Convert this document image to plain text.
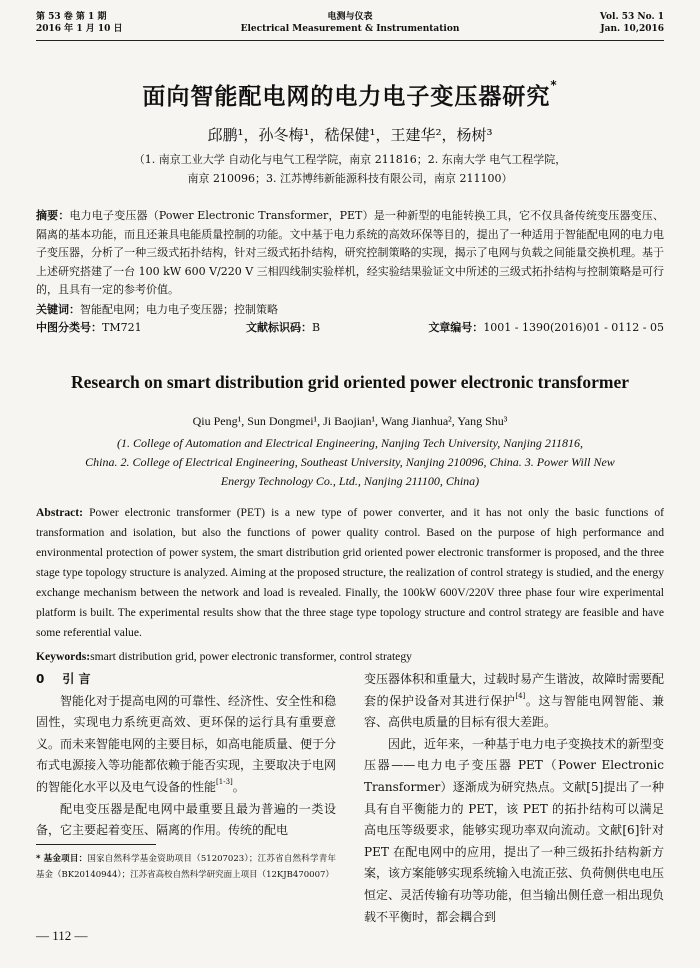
第 53 卷 第 1 期
2016 年 1 月 10 日
电测与仪表
Electrical Measurement & Instrumentation
Vol. 53 No. 1
Jan. 10,2016
面向智能配电网的电力电子变压器研究*
邱鹏¹，孙冬梅¹，嵇保健¹，王建华²，杨树³
（1. 南京工业大学 自动化与电气工程学院，南京 211816；2. 东南大学 电气工程学院，
南京 210096；3. 江苏博纬新能源科技有限公司，南京 211100）
摘要：电力电子变压器（Power Electronic Transformer，PET）是一种新型的电能转换工具，它不仅具备传统变压器变压、隔离的基本功能，而且还兼具电能质量控制的功能。文中基于电力系统的高效环保等目的，提出了一种适用于智能配电网的电力电子变压器，分析了一种三级式拓扑结构，针对三级式拓扑结构，研究控制策略的实现，揭示了电网与负载之间能量交换机理。基于上述研究搭建了一台 100 kW 600 V/220 V 三相四线制实验样机，经实验结果验证文中所述的三级式拓扑结构与控制策略是可行的，且具有一定的参考价值。
关键词：智能配电网；电力电子变压器；控制策略
中图分类号：TM721	文献标识码：B	文章编号：1001 - 1390(2016)01 - 0112 - 05
Research on smart distribution grid oriented power electronic transformer
Qiu Peng¹, Sun Dongmei¹, Ji Baojian¹, Wang Jianhua², Yang Shu³
(1. College of Automation and Electrical Engineering, Nanjing Tech University, Nanjing 211816,
China. 2. College of Electrical Engineering, Southeast University, Nanjing 210096, China. 3. Power Will New
Energy Technology Co., Ltd., Nanjing 211100, China)
Abstract: Power electronic transformer (PET) is a new type of power converter, and it has not only the basic functions of transformation and isolation, but also the functions of power quality control. Based on the purpose of high performance and environmental protection of power system, the smart distribution grid oriented power electronic transformer is proposed, and the three stage type topology structure is analyzed. Aiming at the proposed structure, the realization of control strategy is studied, and the energy exchange mechanism between the network and load is revealed. Finally, the 100kW 600V/220V three phase four wire experimental platform is built. The experimental results show that the three stage type topology structure and control strategy are feasible and have some referential value.
Keywords:smart distribution grid, power electronic transformer, control strategy
0 引 言

智能化对于提高电网的可靠性、经济性、安全性和稳固性，实现电力系统更高效、更环保的运行具有重要意义。而未来智能电网的主要目标，如高电能质量、便于分布式电源接入等功能都依赖于能否实现，主要取决于电网的智能化水平以及电气设备的性能[1-3]。

配电变压器是配电网中最重要且最为普遍的一类设备，它主要起着变压、隔离的作用。传统的配电

变压器体积和重量大，过载时易产生谐波，故障时需要配套的保护设备对其进行保护[4]。这与智能电网智能、兼容、高供电质量的目标有很大差距。

因此，近年来，一种基于电力电子变换技术的新型变压器——电力电子变压器 PET（Power Electronic Transformer）逐渐成为研究热点。文献[5]提出了一种具有自平衡能力的 PET，该 PET 的拓扑结构可以满足高电压等级要求，能够实现功率双向流动。文献[6]针对 PET 在配电网中的应用，提出了一种三级拓扑结构新方案，该方案能够实现系统输入电流正弦、负荷侧供电电压恒定、灵活传输有功等功能，但当输出侧任意一相出现负载不平衡时，都会耦合到

* 基金项目：国家自然科学基金资助项目（51207023）；江苏省自然科学青年基金（BK20140944）；江苏省高校自然科学研究面上项目（12KJB470007）
— 112 —
